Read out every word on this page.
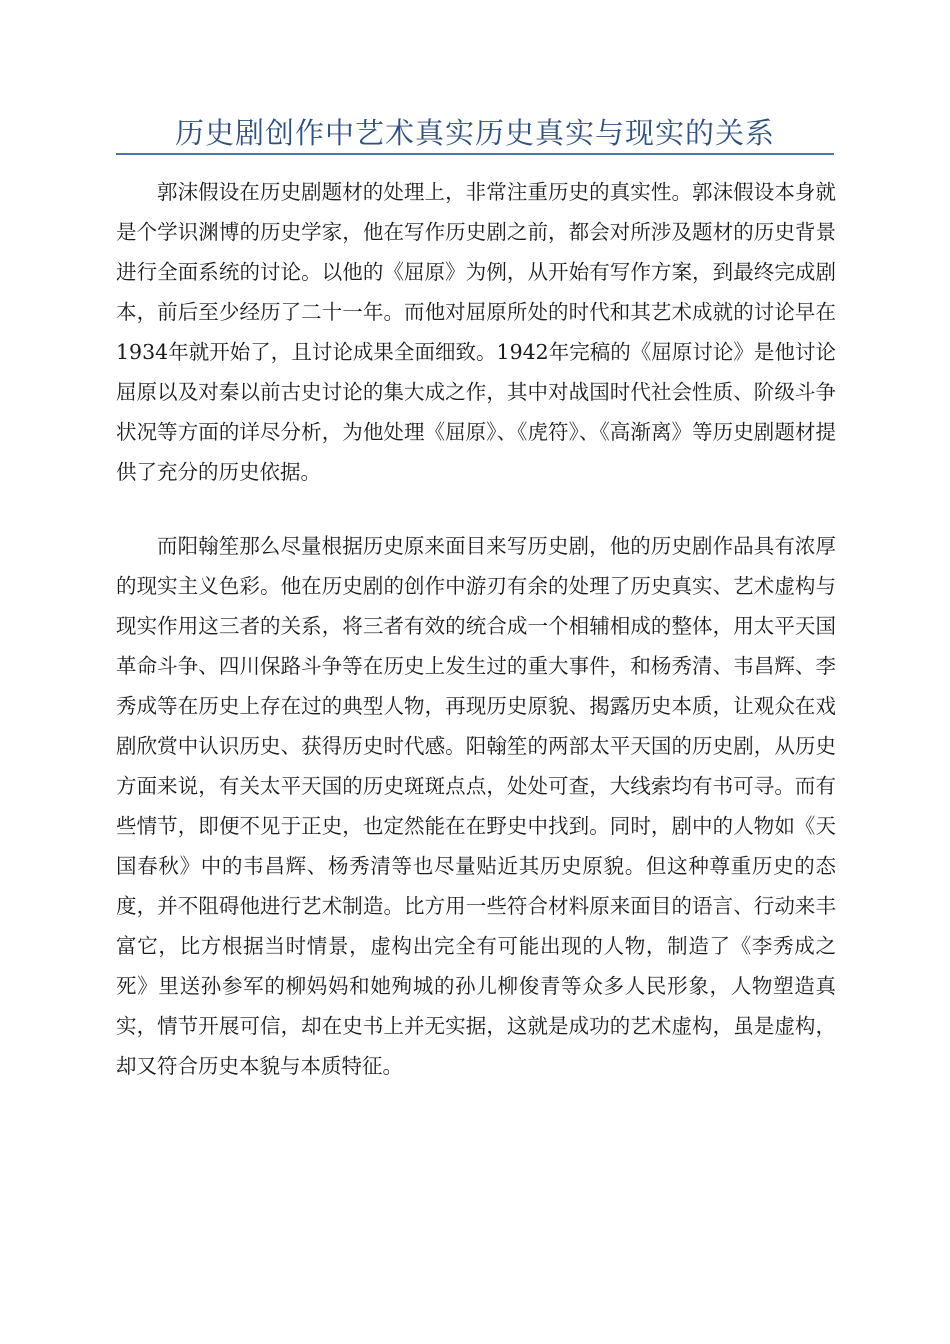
历史剧创作中艺术真实历史真实与现实的关系

郭沫假设在历史剧题材的处理上，非常注重历史的真实性。郭沫假设本身就是个学识渊博的历史学家，他在写作历史剧之前，都会对所涉及题材的历史背景进行全面系统的讨论。以他的《屈原》为例，从开始有写作方案，到最终完成剧本，前后至少经历了二十一年。而他对屈原所处的时代和其艺术成就的讨论早在1934年就开始了，且讨论成果全面细致。1942年完稿的《屈原讨论》是他讨论屈原以及对秦以前古史讨论的集大成之作，其中对战国时代社会性质、阶级斗争状况等方面的详尽分析，为他处理《屈原》、《虎符》、《高渐离》等历史剧题材提供了充分的历史依据。

而阳翰笙那么尽量根据历史原来面目来写历史剧，他的历史剧作品具有浓厚的现实主义色彩。他在历史剧的创作中游刃有余的处理了历史真实、艺术虚构与现实作用这三者的关系，将三者有效的统合成一个相辅相成的整体，用太平天国革命斗争、四川保路斗争等在历史上发生过的重大事件，和杨秀清、韦昌辉、李秀成等在历史上存在过的典型人物，再现历史原貌、揭露历史本质，让观众在戏剧欣赏中认识历史、获得历史时代感。阳翰笙的两部太平天国的历史剧，从历史方面来说，有关太平天国的历史斑斑点点，处处可查，大线索均有书可寻。而有些情节，即便不见于正史，也定然能在在野史中找到。同时，剧中的人物如《天国春秋》中的韦昌辉、杨秀清等也尽量贴近其历史原貌。但这种尊重历史的态度，并不阻碍他进行艺术制造。比方用一些符合材料原来面目的语言、行动来丰富它，比方根据当时情景，虚构出完全有可能出现的人物，制造了《李秀成之死》里送孙参军的柳妈妈和她殉城的孙儿柳俊青等众多人民形象，人物塑造真实，情节开展可信，却在史书上并无实据，这就是成功的艺术虚构，虽是虚构，却又符合历史本貌与本质特征。
